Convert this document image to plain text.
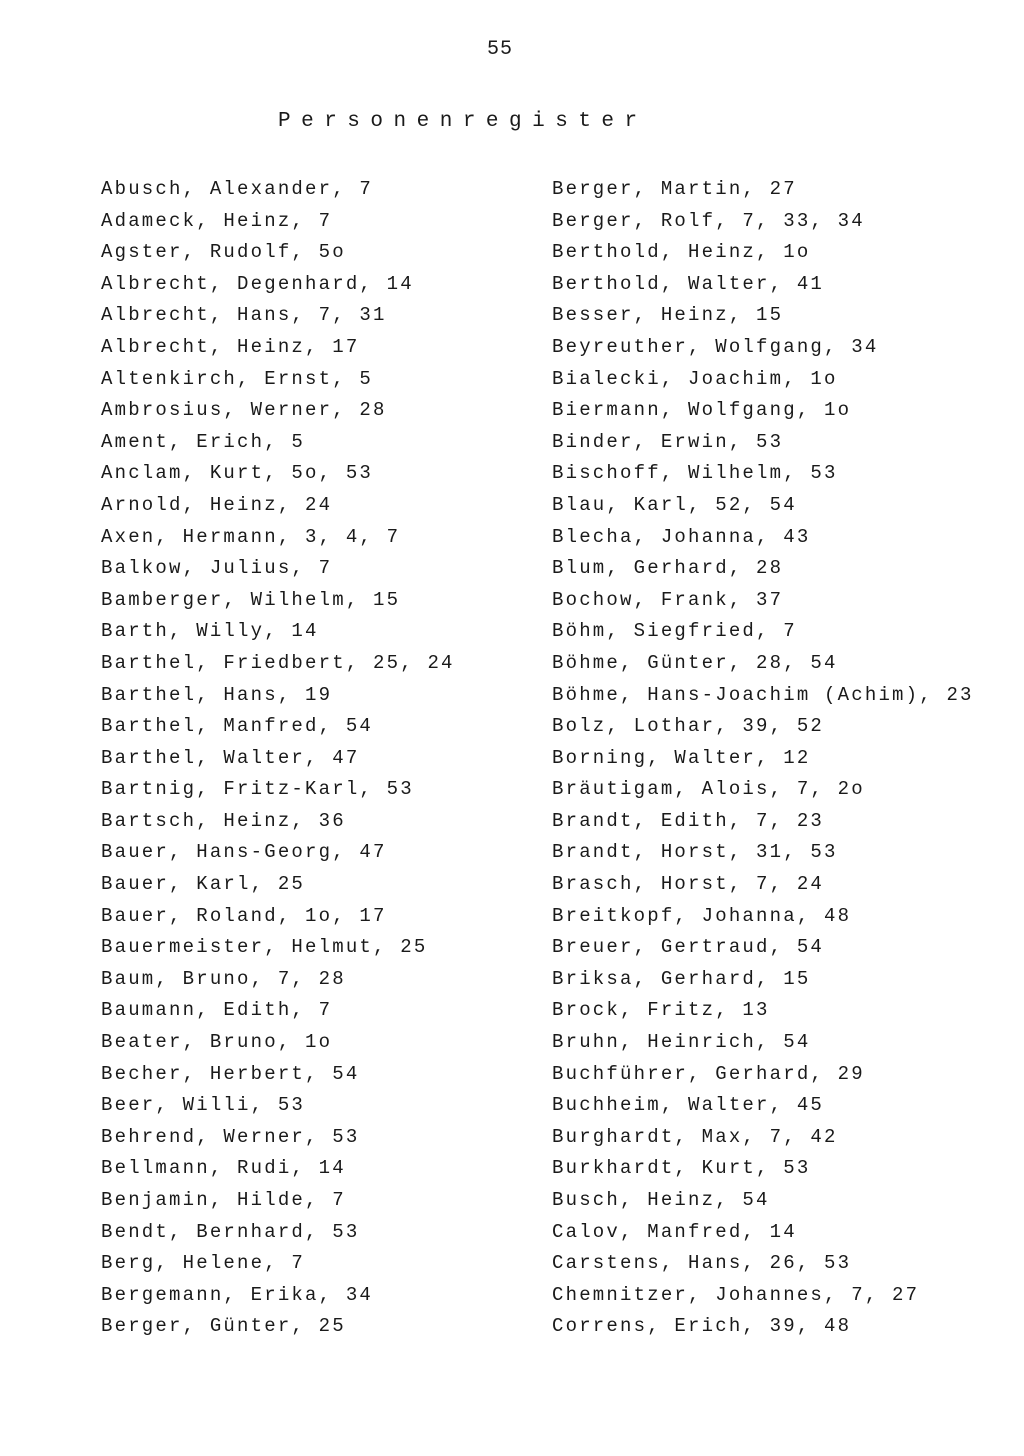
55
Personenregister
Abusch, Alexander, 7
Adameck, Heinz, 7
Agster, Rudolf, 5o
Albrecht, Degenhard, 14
Albrecht, Hans, 7, 31
Albrecht, Heinz, 17
Altenkirch, Ernst, 5
Ambrosius, Werner, 28
Ament, Erich, 5
Anclam, Kurt, 5o, 53
Arnold, Heinz, 24
Axen, Hermann, 3, 4, 7
Balkow, Julius, 7
Bamberger, Wilhelm, 15
Barth, Willy, 14
Barthel, Friedbert, 25, 24
Barthel, Hans, 19
Barthel, Manfred, 54
Barthel, Walter, 47
Bartnig, Fritz-Karl, 53
Bartsch, Heinz, 36
Bauer, Hans-Georg, 47
Bauer, Karl, 25
Bauer, Roland, 1o, 17
Bauermeister, Helmut, 25
Baum, Bruno, 7, 28
Baumann, Edith, 7
Beater, Bruno, 1o
Becher, Herbert, 54
Beer, Willi, 53
Behrend, Werner, 53
Bellmann, Rudi, 14
Benjamin, Hilde, 7
Bendt, Bernhard, 53
Berg, Helene, 7
Bergemann, Erika, 34
Berger, Günter, 25
Berger, Martin, 27
Berger, Rolf, 7, 33, 34
Berthold, Heinz, 1o
Berthold, Walter, 41
Besser, Heinz, 15
Beyreuther, Wolfgang, 34
Bialecki, Joachim, 1o
Biermann, Wolfgang, 1o
Binder, Erwin, 53
Bischoff, Wilhelm, 53
Blau, Karl, 52, 54
Blecha, Johanna, 43
Blum, Gerhard, 28
Bochow, Frank, 37
Böhm, Siegfried, 7
Böhme, Günter, 28, 54
Böhme, Hans-Joachim (Achim), 23
Bolz, Lothar, 39, 52
Borning, Walter, 12
Bräutigam, Alois, 7, 2o
Brandt, Edith, 7, 23
Brandt, Horst, 31, 53
Brasch, Horst, 7, 24
Breitkopf, Johanna, 48
Breuer, Gertraud, 54
Briksa, Gerhard, 15
Brock, Fritz, 13
Bruhn, Heinrich, 54
Buchführer, Gerhard, 29
Buchheim, Walter, 45
Burghardt, Max, 7, 42
Burkhardt, Kurt, 53
Busch, Heinz, 54
Calov, Manfred, 14
Carstens, Hans, 26, 53
Chemnitzer, Johannes, 7, 27
Correns, Erich, 39, 48
